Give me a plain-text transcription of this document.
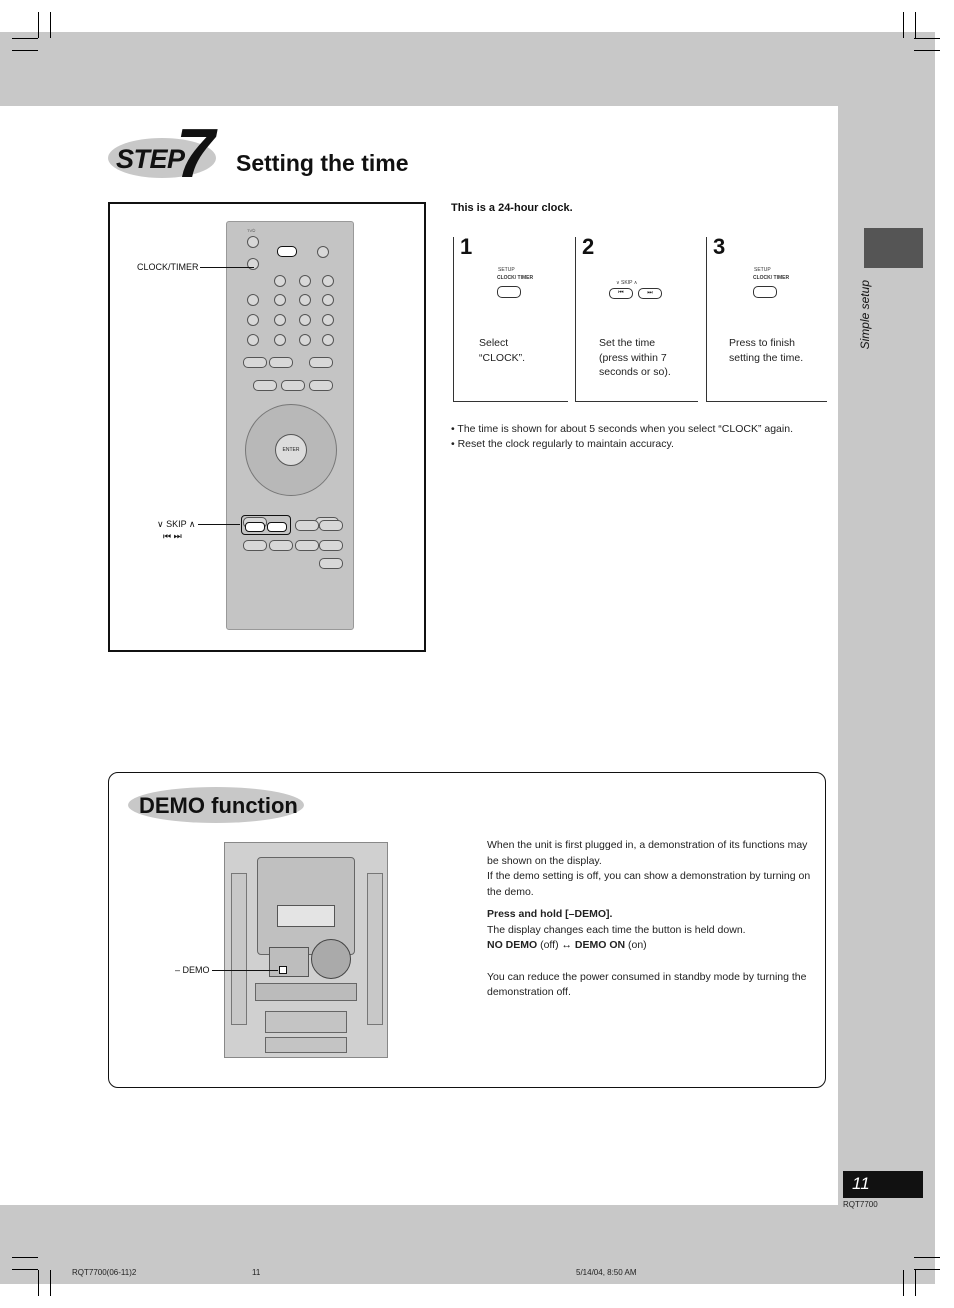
STEP
7 Setting the time
TV⏻
ENTER
CLOCK/TIMER
∨ SKIP ∧
⏮ ⏭
This is a 24-hour clock.
1
SETUP
CLOCK/ TIMER
Select
“CLOCK”.
2
∨ SKIP ∧
⏮	⏭
Set the time
(press within 7
seconds or so).
3
SETUP
CLOCK/ TIMER
Press to finish
setting the time.
• The time is shown for about 5 seconds when you select “CLOCK” again.
• Reset the clock regularly to maintain accuracy.
Simple setup
DEMO function
– DEMO
When the unit is first plugged in, a demonstration of its functions may be shown on the display.
If the demo setting is off, you can show a demonstration by turning on the demo.
Press and hold [–DEMO].
The display changes each time the button is held down.
NO DEMO (off) ↔ DEMO ON (on)
You can reduce the power consumed in standby mode by turning the demonstration off.
11
RQT7700
RQT7700(06-11)2	11	5/14/04, 8:50 AM
